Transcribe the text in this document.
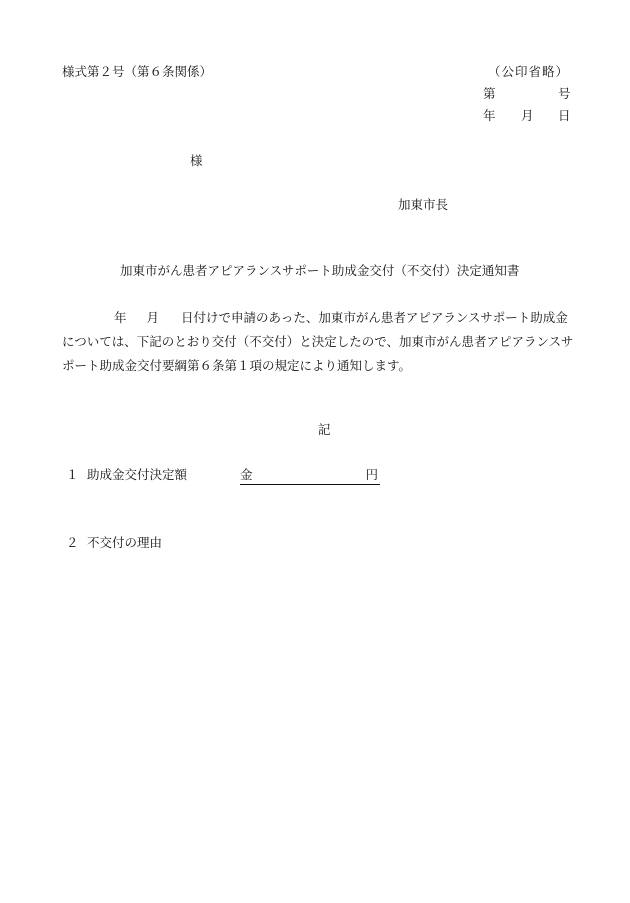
様式第２号（第６条関係）	（公印省略）
第	号
年 月 日
様
加東市長
加東市がん患者アピアランスサポート助成金交付（不交付）決定通知書
年 月 日付けで申請のあった、加東市がん患者アピアランスサポート助成金
については、下記のとおり交付（不交付）と決定したので、加東市がん患者アピアランスサ
ポート助成金交付要綱第６条第１項の規定により通知します。
記
１ 助成金交付決定額	金	円
２ 不交付の理由
